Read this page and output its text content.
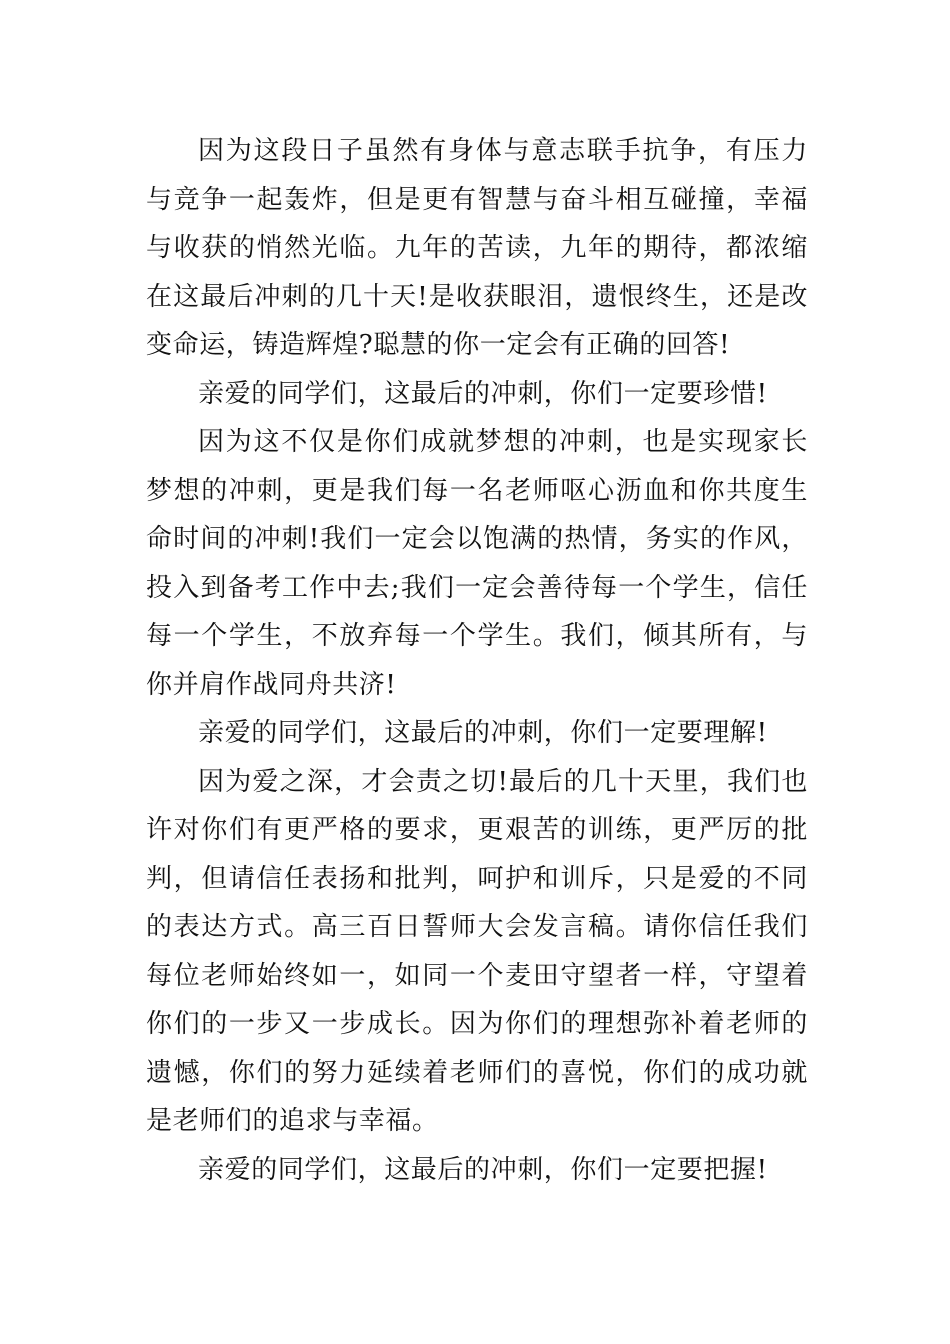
因为这段日子虽然有身体与意志联手抗争，有压力与竞争一起轰炸，但是更有智慧与奋斗相互碰撞，幸福与收获的悄然光临。九年的苦读，九年的期待，都浓缩在这最后冲刺的几十天!是收获眼泪，遗恨终生，还是改变命运，铸造辉煌?聪慧的你一定会有正确的回答!

亲爱的同学们，这最后的冲刺，你们一定要珍惜!

因为这不仅是你们成就梦想的冲刺，也是实现家长梦想的冲刺，更是我们每一名老师呕心沥血和你共度生命时间的冲刺!我们一定会以饱满的热情，务实的作风，投入到备考工作中去;我们一定会善待每一个学生，信任每一个学生，不放弃每一个学生。我们，倾其所有，与你并肩作战同舟共济!

亲爱的同学们，这最后的冲刺，你们一定要理解!

因为爱之深，才会责之切!最后的几十天里，我们也许对你们有更严格的要求，更艰苦的训练，更严厉的批判，但请信任表扬和批判，呵护和训斥，只是爱的不同的表达方式。高三百日誓师大会发言稿。请你信任我们每位老师始终如一，如同一个麦田守望者一样，守望着你们的一步又一步成长。因为你们的理想弥补着老师的遗憾，你们的努力延续着老师们的喜悦，你们的成功就是老师们的追求与幸福。

亲爱的同学们，这最后的冲刺，你们一定要把握!
